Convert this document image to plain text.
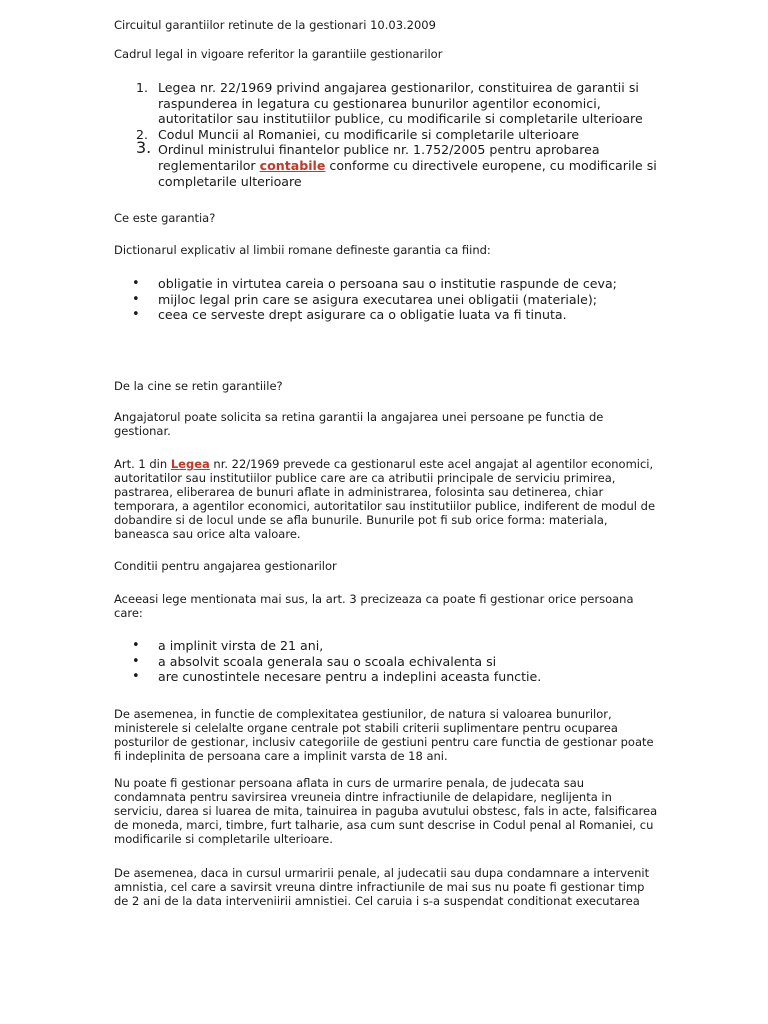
Circuitul garantiilor retinute de la gestionari 10.03.2009

Cadrul legal in vigoare referitor la garantiile gestionarilor

1. Legea nr. 22/1969 privind angajarea gestionarilor, constituirea de garantii si raspunderea in legatura cu gestionarea bunurilor agentilor economici, autoritatilor sau institutiilor publice, cu modificarile si completarile ulterioare
2. Codul Muncii al Romaniei, cu modificarile si completarile ulterioare
3. Ordinul ministrului finantelor publice nr. 1.752/2005 pentru aprobarea reglementarilor contabile conforme cu directivele europene, cu modificarile si completarile ulterioare

Ce este garantia?

Dictionarul explicativ al limbii romane defineste garantia ca fiind:

• obligatie in virtutea careia o persoana sau o institutie raspunde de ceva;
• mijloc legal prin care se asigura executarea unei obligatii (materiale);
• ceea ce serveste drept asigurare ca o obligatie luata va fi tinuta.

De la cine se retin garantiile?

Angajatorul poate solicita sa retina garantii la angajarea unei persoane pe functia de gestionar.

Art. 1 din Legea nr. 22/1969 prevede ca gestionarul este acel angajat al agentilor economici, autoritatilor sau institutiilor publice care are ca atributii principale de serviciu primirea, pastrarea, eliberarea de bunuri aflate in administrarea, folosinta sau detinerea, chiar temporara, a agentilor economici, autoritatilor sau institutiilor publice, indiferent de modul de dobandire si de locul unde se afla bunurile. Bunurile pot fi sub orice forma: materiala, baneasca sau orice alta valoare.

Conditii pentru angajarea gestionarilor

Aceeasi lege mentionata mai sus, la art. 3 precizeaza ca poate fi gestionar orice persoana care:

• a implinit virsta de 21 ani,
• a absolvit scoala generala sau o scoala echivalenta si
• are cunostintele necesare pentru a indeplini aceasta functie.

De asemenea, in functie de complexitatea gestiunilor, de natura si valoarea bunurilor, ministerele si celelalte organe centrale pot stabili criterii suplimentare pentru ocuparea posturilor de gestionar, inclusiv categoriile de gestiuni pentru care functia de gestionar poate fi indeplinita de persoana care a implinit varsta de 18 ani.

Nu poate fi gestionar persoana aflata in curs de urmarire penala, de judecata sau condamnata pentru savirsirea vreuneia dintre infractiunile de delapidare, neglijenta in serviciu, darea si luarea de mita, tainuirea in paguba avutului obstesc, fals in acte, falsificarea de moneda, marci, timbre, furt talharie, asa cum sunt descrise in Codul penal al Romaniei, cu modificarile si completarile ulterioare.

De asemenea, daca in cursul urmaririi penale, al judecatii sau dupa condamnare a intervenit amnistia, cel care a savirsit vreuna dintre infractiunile de mai sus nu poate fi gestionar timp de 2 ani de la data interveniirii amnistiei. Cel caruia i s-a suspendat conditionat executarea
